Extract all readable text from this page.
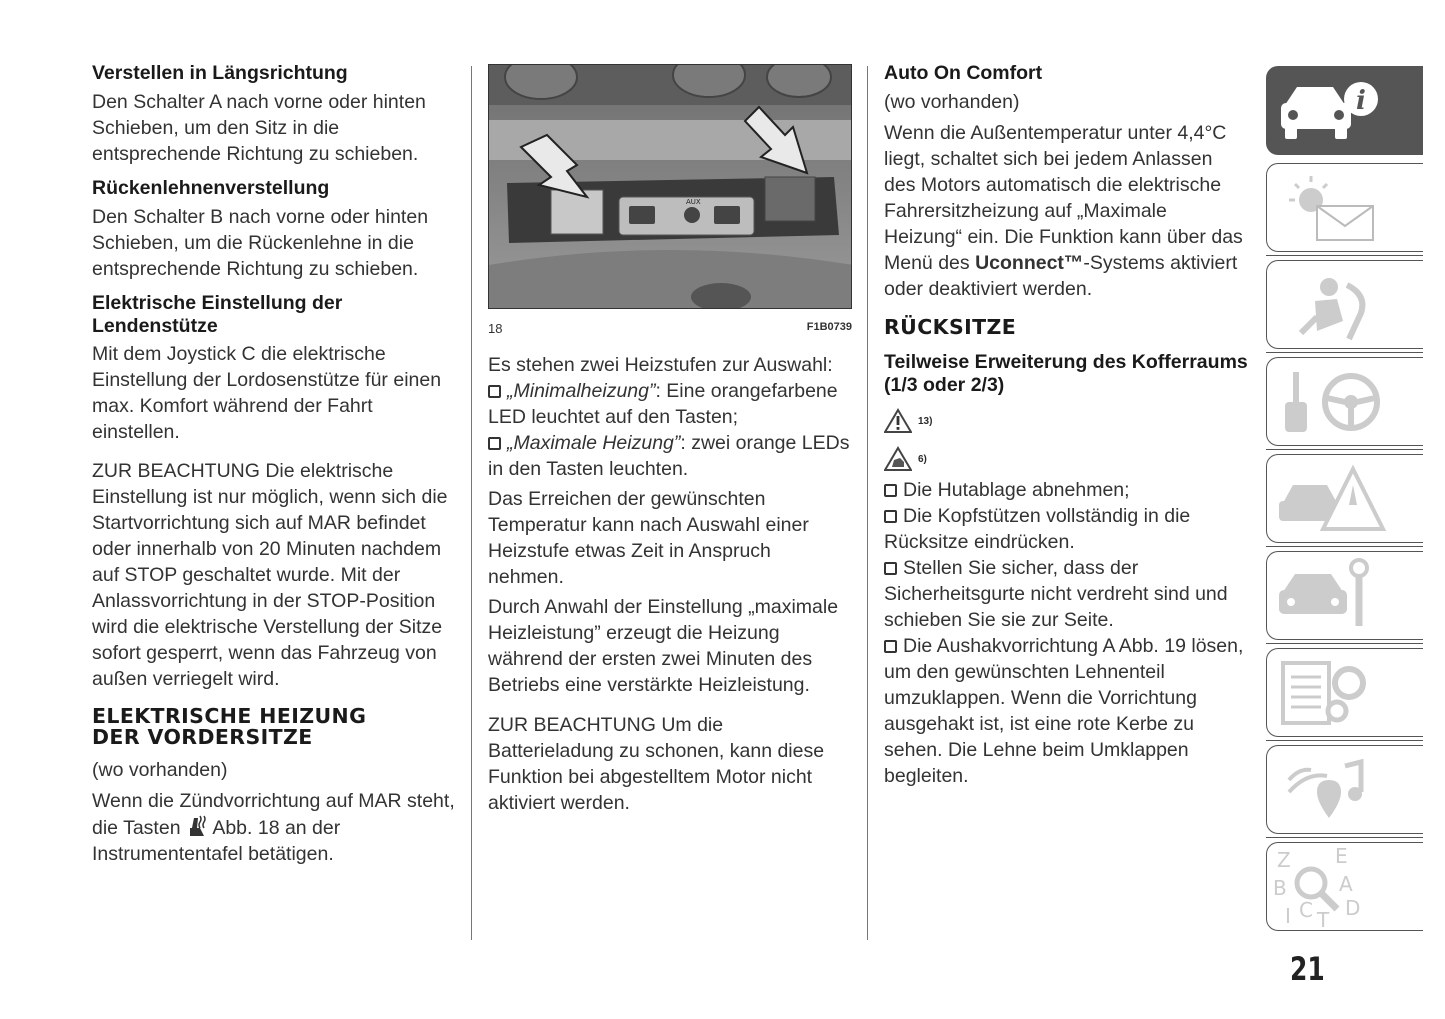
Verstellen in Längsrichtung

Den Schalter A nach vorne oder hinten Schieben, um den Sitz in die entsprechende Richtung zu schieben.

Rückenlehnenverstellung

Den Schalter B nach vorne oder hinten Schieben, um die Rückenlehne in die entsprechende Richtung zu schieben.

Elektrische Einstellung der Lendenstütze

Mit dem Joystick C die elektrische Einstellung der Lordosenstütze für einen max. Komfort während der Fahrt einstellen.

ZUR BEACHTUNG Die elektrische Einstellung ist nur möglich, wenn sich die Startvorrichtung sich auf MAR befindet oder innerhalb von 20 Minuten nachdem auf STOP geschaltet wurde. Mit der Anlassvorrichtung in der STOP-Position wird die elektrische Verstellung der Sitze sofort gesperrt, wenn das Fahrzeug von außen verriegelt wird.

ELEKTRISCHE HEIZUNG
DER VORDERSITZE

(wo vorhanden)

Wenn die Zündvorrichtung auf MAR steht, die Tasten Abb. 18 an der Instrumententafel betätigen.

AUX
18	F1B0739

Es stehen zwei Heizstufen zur Auswahl:

„Minimalheizung”: Eine orangefarbene LED leuchtet auf den Tasten;

„Maximale Heizung”: zwei orange LEDs in den Tasten leuchten.

Das Erreichen der gewünschten Temperatur kann nach Auswahl einer Heizstufe etwas Zeit in Anspruch nehmen.

Durch Anwahl der Einstellung „maximale Heizleistung” erzeugt die Heizung während der ersten zwei Minuten des Betriebs eine verstärkte Heizleistung.

ZUR BEACHTUNG Um die Batterieladung zu schonen, kann diese Funktion bei abgestelltem Motor nicht aktiviert werden.

Auto On Comfort

(wo vorhanden)

Wenn die Außentemperatur unter 4,4°C liegt, schaltet sich bei jedem Anlassen des Motors automatisch die elektrische Fahrersitzheizung auf „Maximale Heizung“ ein. Die Funktion kann über das Menü des Uconnect™-Systems aktiviert oder deaktiviert werden.

RÜCKSITZE
Teilweise Erweiterung des Kofferraums (1/3 oder 2/3)
13)
6)

Die Hutablage abnehmen;

Die Kopfstützen vollständig in die Rücksitze eindrücken.

Stellen Sie sicher, dass der Sicherheitsgurte nicht verdreht sind und schieben Sie sie zur Seite.

Die Aushakvorrichtung A Abb. 19 lösen, um den gewünschten Lehnenteil umzuklappen. Wenn die Vorrichtung ausgehakt ist, ist eine rote Kerbe zu sehen. Die Lehne beim Umklappen begleiten.

i
Z E
B	A
C T D
I
21
